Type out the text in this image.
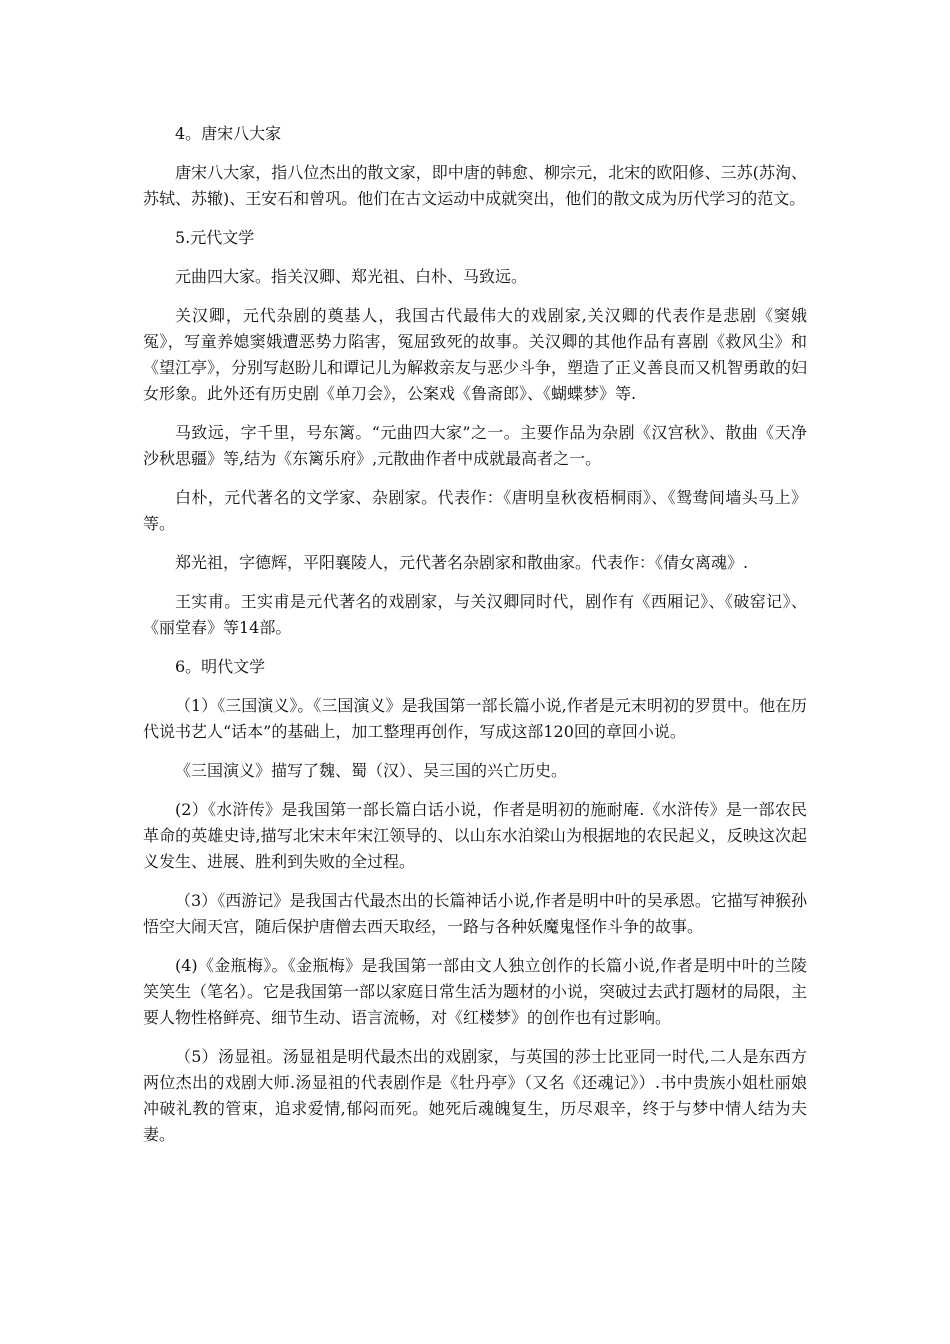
4。唐宋八大家

唐宋八大家，指八位杰出的散文家，即中唐的韩愈、柳宗元，北宋的欧阳修、三苏(苏洵、苏轼、苏辙)、王安石和曾巩。他们在古文运动中成就突出，他们的散文成为历代学习的范文。

5.元代文学

元曲四大家。指关汉卿、郑光祖、白朴、马致远。

关汉卿，元代杂剧的奠基人，我国古代最伟大的戏剧家,关汉卿的代表作是悲剧《窦娥冤》，写童养媳窦娥遭恶势力陷害，冤屈致死的故事。关汉卿的其他作品有喜剧《救风尘》和《望江亭》，分别写赵盼儿和谭记儿为解救亲友与恶少斗争，塑造了正义善良而又机智勇敢的妇女形象。此外还有历史剧《单刀会》，公案戏《鲁斋郎》、《蝴蝶梦》等.

马致远，字千里，号东篱。“元曲四大家”之一。主要作品为杂剧《汉宫秋》、散曲《天净沙秋思疆》等,结为《东篱乐府》,元散曲作者中成就最高者之一。

白朴，元代著名的文学家、杂剧家。代表作：《唐明皇秋夜梧桐雨》、《鸳鸯间墙头马上》等。

郑光祖，字德辉，平阳襄陵人，元代著名杂剧家和散曲家。代表作：《倩女离魂》.

王实甫。王实甫是元代著名的戏剧家，与关汉卿同时代，剧作有《西厢记》、《破窑记》、《丽堂春》等14部。

6。明代文学

（1）《三国演义》。《三国演义》是我国第一部长篇小说,作者是元末明初的罗贯中。他在历代说书艺人“话本”的基础上，加工整理再创作，写成这部120回的章回小说。

《三国演义》描写了魏、蜀（汉）、吴三国的兴亡历史。

(2）《水浒传》是我国第一部长篇白话小说，作者是明初的施耐庵.《水浒传》是一部农民革命的英雄史诗,描写北宋末年宋江领导的、以山东水泊梁山为根据地的农民起义，反映这次起义发生、进展、胜利到失败的全过程。

（3）《西游记》是我国古代最杰出的长篇神话小说,作者是明中叶的吴承恩。它描写神猴孙悟空大闹天宫，随后保护唐僧去西天取经，一路与各种妖魔鬼怪作斗争的故事。

(4)《金瓶梅》。《金瓶梅》是我国第一部由文人独立创作的长篇小说,作者是明中叶的兰陵笑笑生（笔名）。它是我国第一部以家庭日常生活为题材的小说，突破过去武打题材的局限，主要人物性格鲜亮、细节生动、语言流畅，对《红楼梦》的创作也有过影响。

（5）汤显祖。汤显祖是明代最杰出的戏剧家，与英国的莎士比亚同一时代,二人是东西方两位杰出的戏剧大师.汤显祖的代表剧作是《牡丹亭》（又名《还魂记》）.书中贵族小姐杜丽娘冲破礼教的管束，追求爱情,郁闷而死。她死后魂魄复生，历尽艰辛，终于与梦中情人结为夫妻。
